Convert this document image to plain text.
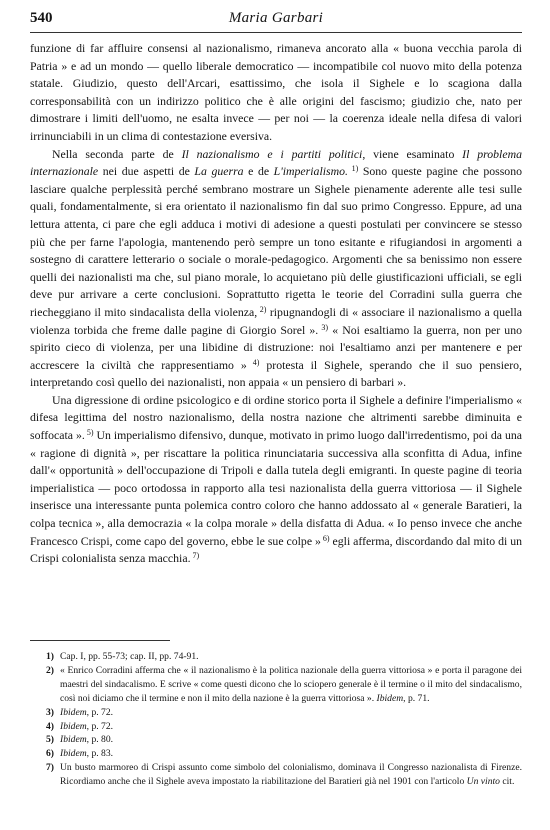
540	Maria Garbari

funzione di far affluire consensi al nazionalismo, rimaneva ancorato alla « buona vecchia parola di Patria » e ad un mondo — quello liberale democratico — incompatibile col nuovo mito della potenza statale. Giudizio, questo dell'Arcari, esattissimo, che isola il Sighele e lo scagiona dalla corresponsabilità con un indirizzo politico che è alle origini del fascismo; giudizio che, nato per dimostrare i limiti dell'uomo, ne esalta invece — per noi — la coerenza ideale nella difesa di valori irrinunciabili in un clima di contestazione eversiva.

Nella seconda parte de Il nazionalismo e i partiti politici, viene esaminato Il problema internazionale nei due aspetti de La guerra e de L'imperialismo. $^{1)}$ Sono queste pagine che possono lasciare qualche perplessità perché sembrano mostrare un Sighele pienamente aderente alle tesi sulle quali, fondamentalmente, si era orientato il nazionalismo fin dal suo primo Congresso. Eppure, ad una lettura attenta, ci pare che egli adduca i motivi di adesione a questi postulati per convincere se stesso più che per farne l'apologia, mantenendo però sempre un tono esitante e rifugiandosi in argomenti a sostegno di carattere letterario o sociale o morale-pedagogico. Argomenti che sa benissimo non essere quelli dei nazionalisti ma che, sul piano morale, lo acquietano più delle giustificazioni ufficiali, se egli deve pur arrivare a certe conclusioni. Soprattutto rigetta le teorie del Corradini sulla guerra che riecheggiano il mito sindacalista della violenza, $^{2)}$ ripugnandogli di « associare il nazionalismo a quella violenza torbida che freme dalle pagine di Giorgio Sorel ». $^{3)}$ « Noi esaltiamo la guerra, non per uno spirito cieco di violenza, per una libidine di distruzione: noi l'esaltiamo anzi per mantenere e per accrescere la civiltà che rappresentiamo » $^{4)}$ protesta il Sighele, sperando che il suo pensiero, interpretando così quello dei nazionalisti, non appaia « un pensiero di barbari ».

Una digressione di ordine psicologico e di ordine storico porta il Sighele a definire l'imperialismo « difesa legittima del nostro nazionalismo, della nostra nazione che altrimenti sarebbe diminuita e soffocata ». $^{5)}$ Un imperialismo difensivo, dunque, motivato in primo luogo dall'irredentismo, poi da una « ragione di dignità », per riscattare la politica rinunciataria successiva alla sconfitta di Adua, infine dall'« opportunità » dell'occupazione di Tripoli e dalla tutela degli emigranti. In queste pagine di teoria imperialistica — poco ortodossa in rapporto alla tesi nazionalista della guerra vittoriosa — il Sighele inserisce una interessante punta polemica contro coloro che hanno addossato al « generale Baratieri, la colpa tecnica », alla democrazia « la colpa morale » della disfatta di Adua. « Io penso invece che anche Francesco Crispi, come capo del governo, ebbe le sue colpe » $^{6)}$ egli afferma, discordando dal mito di un Crispi colonialista senza macchia. $^{7)}$

1) Cap. I, pp. 55-73; cap. II, pp. 74-91.

2) « Enrico Corradini afferma che « il nazionalismo è la politica nazionale della guerra vittoriosa » e porta il paragone dei maestri del sindacalismo. E scrive « come questi dicono che lo sciopero generale è il termine o il mito del sindacalismo, così noi diciamo che il termine e non il mito della nazione è la guerra vittoriosa ». Ibidem, p. 71.

3) Ibidem, p. 72.

4) Ibidem, p. 72.

5) Ibidem, p. 80.

6) Ibidem, p. 83.

7) Un busto marmoreo di Crispi assunto come simbolo del colonialismo, dominava il Congresso nazionalista di Firenze. Ricordiamo anche che il Sighele aveva impostato la riabilitazione del Baratieri già nel 1901 con l'articolo Un vinto cit.
